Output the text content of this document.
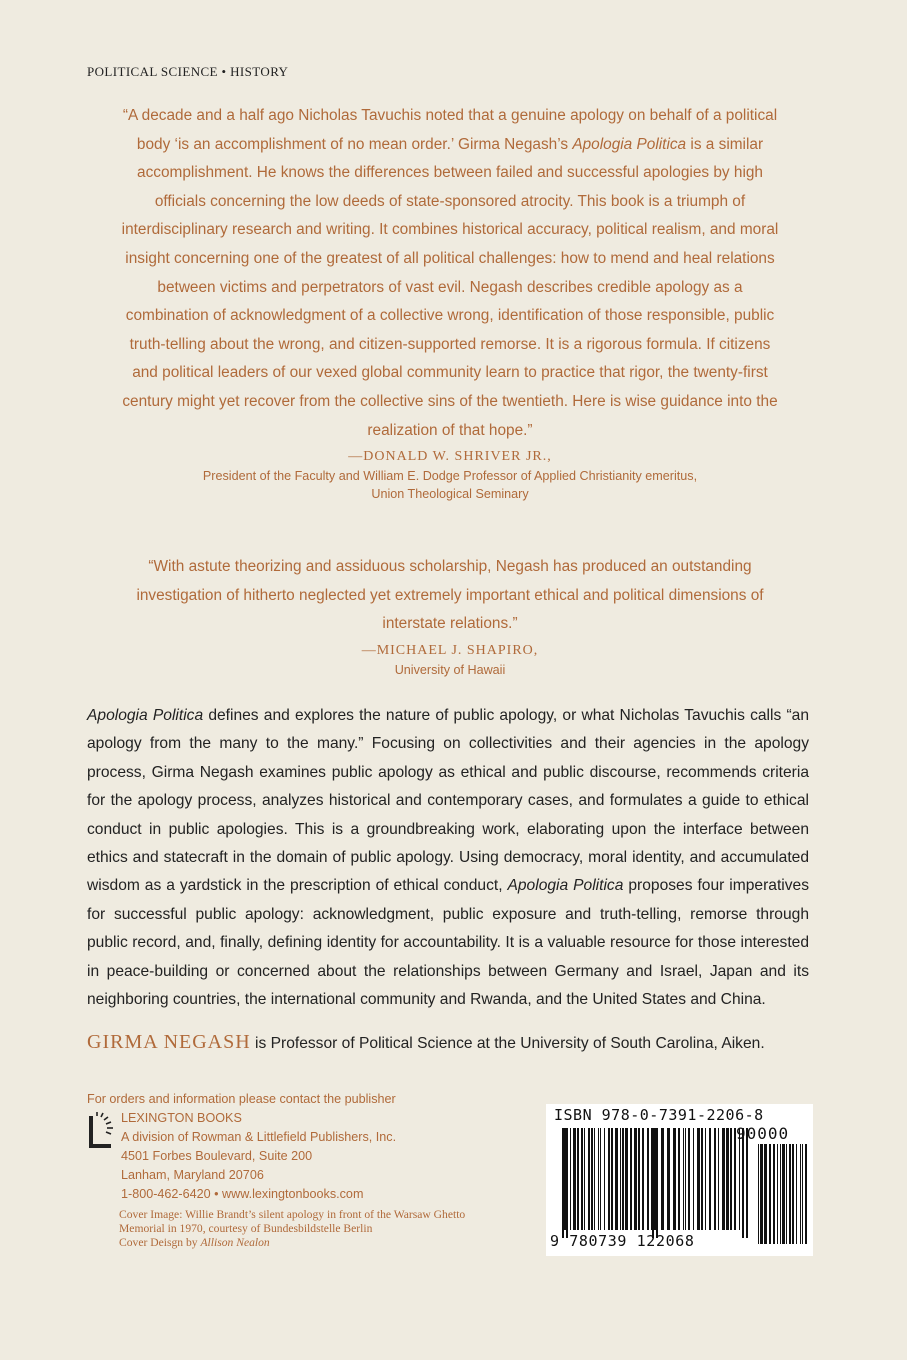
POLITICAL SCIENCE • HISTORY

“A decade and a half ago Nicholas Tavuchis noted that a genuine apology on behalf of a political body ‘is an accomplishment of no mean order.’ Girma Negash’s Apologia Politica is a similar accomplishment. He knows the differences between failed and successful apologies by high officials concerning the low deeds of state-sponsored atrocity. This book is a triumph of interdisciplinary research and writing. It combines historical accuracy, political realism, and moral insight concerning one of the greatest of all political challenges: how to mend and heal relations between victims and perpetrators of vast evil. Negash describes credible apology as a combination of acknowledgment of a collective wrong, identification of those responsible, public truth-telling about the wrong, and citizen-supported remorse. It is a rigorous formula. If citizens and political leaders of our vexed global community learn to practice that rigor, the twenty-first century might yet recover from the collective sins of the twentieth. Here is wise guidance into the realization of that hope.”

—DONALD W. SHRIVER JR.,
President of the Faculty and William E. Dodge Professor of Applied Christianity emeritus,
Union Theological Seminary

“With astute theorizing and assiduous scholarship, Negash has produced an outstanding investigation of hitherto neglected yet extremely important ethical and political dimensions of interstate relations.”

—MICHAEL J. SHAPIRO,
University of Hawaii

Apologia Politica defines and explores the nature of public apology, or what Nicholas Tavuchis calls “an apology from the many to the many.” Focusing on collectivities and their agencies in the apology process, Girma Negash examines public apology as ethical and public discourse, recommends criteria for the apology process, analyzes historical and contemporary cases, and formulates a guide to ethical conduct in public apologies. This is a groundbreaking work, elaborating upon the interface between ethics and statecraft in the domain of public apology. Using democracy, moral identity, and accumulated wisdom as a yardstick in the prescription of ethical conduct, Apologia Politica proposes four imperatives for successful public apology: acknowledgment, public exposure and truth-telling, remorse through public record, and, finally, defining identity for accountability. It is a valuable resource for those interested in peace-building or concerned about the relationships between Germany and Israel, Japan and its neighboring countries, the international community and Rwanda, and the United States and China.

GIRMA NEGASH is Professor of Political Science at the University of South Carolina, Aiken.
For orders and information please contact the publisher
LEXINGTON BOOKS
A division of Rowman & Littlefield Publishers, Inc.
4501 Forbes Boulevard, Suite 200
Lanham, Maryland 20706
1-800-462-6420 • www.lexingtonbooks.com
Cover Image: Willie Brandt’s silent apology in front of the Warsaw Ghetto
Memorial in 1970, courtesy of Bundesbildstelle Berlin
Cover Deisgn by Allison Nealon
ISBN 978-0-7391-2206-8
90000
9 780739 122068
